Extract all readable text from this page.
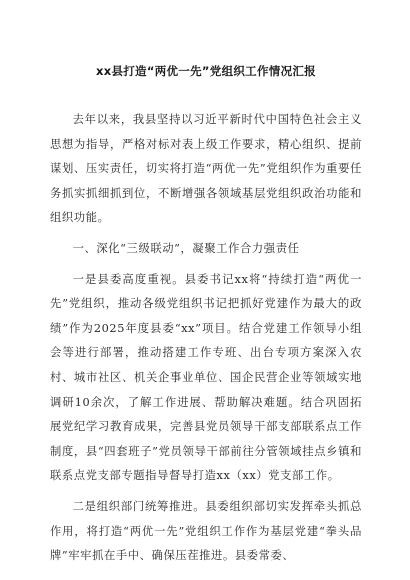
xx县打造“两优一先”党组织工作情况汇报

去年以来，我县坚持以习近平新时代中国特色社会主义思想为指导，严格对标对表上级工作要求，精心组织、提前谋划、压实责任，切实将打造“两优一先”党组织作为重要任务抓实抓细抓到位，不断增强各领域基层党组织政治功能和组织功能。

一、深化“三级联动”，凝聚工作合力强责任

一是县委高度重视。县委书记xx将“持续打造“两优一先”党组织，推动各级党组织书记把抓好党建作为最大的政绩”作为2025年度县委“xx”项目。结合党建工作领导小组会等进行部署，推动搭建工作专班、出台专项方案深入农村、城市社区、机关企事业单位、国企民营企业等领域实地调研10余次，了解工作进展、帮助解决难题。结合巩固拓展党纪学习教育成果，完善县党员领导干部支部联系点工作制度，县“四套班子”党员领导干部前往分管领域挂点乡镇和联系点党支部专题指导督导打造xx（xx）党支部工作。

二是组织部门统筹推进。县委组织部切实发挥牵头抓总作用，将打造“两优一先”党组织工作作为基层党建“拳头品牌”牢牢抓在手中、确保压茬推进。县委常委、
